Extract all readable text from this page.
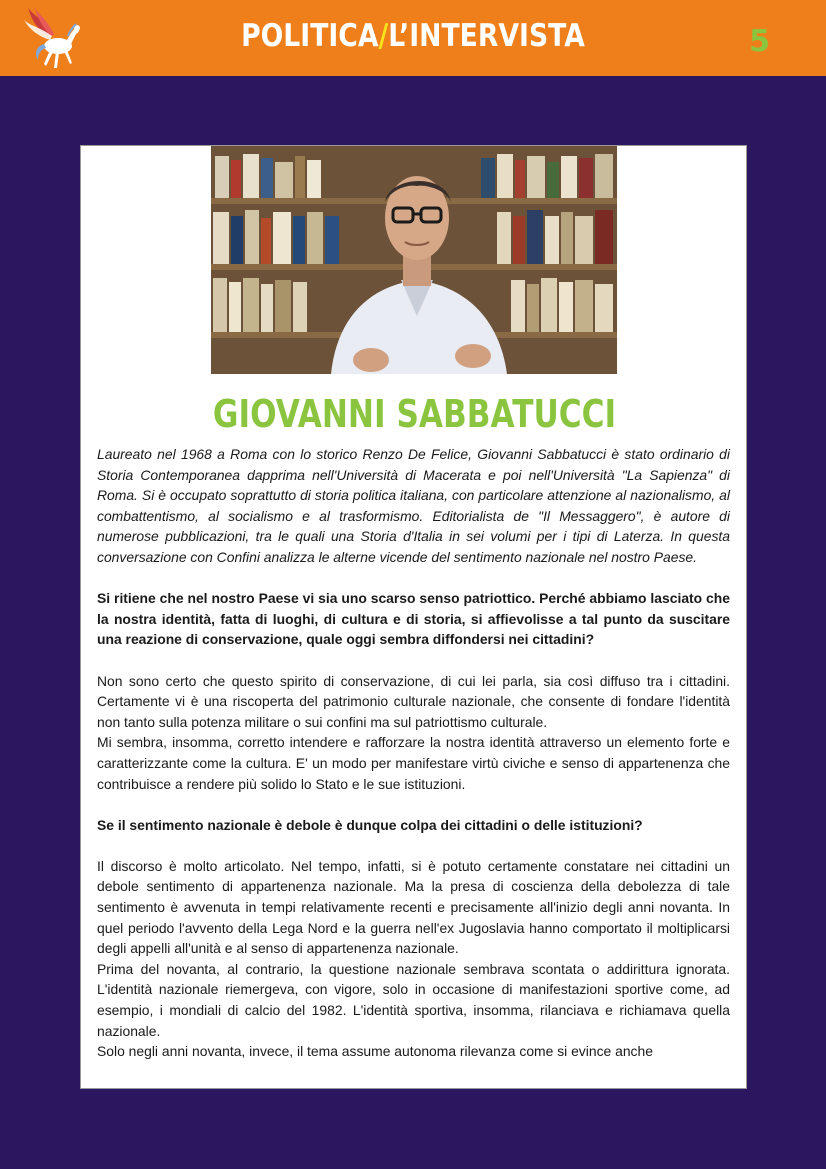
POLITICA/L’INTERVISTA	5
GIOVANNI SABBATUCCI

Laureato nel 1968 a Roma con lo storico Renzo De Felice, Giovanni Sabbatucci è stato ordinario di Storia Contemporanea dapprima nell'Università di Macerata e poi nell'Università "La Sapienza" di Roma. Si è occupato soprattutto di storia politica italiana, con particolare attenzione al nazionalismo, al combattentismo, al socialismo e al trasformismo. Editorialista de "Il Messaggero", è autore di numerose pubblicazioni, tra le quali una Storia d'Italia in sei volumi per i tipi di Laterza. In questa conversazione con Confini analizza le alterne vicende del sentimento nazionale nel nostro Paese.

Si ritiene che nel nostro Paese vi sia uno scarso senso patriottico. Perché abbiamo lasciato che la nostra identità, fatta di luoghi, di cultura e di storia, si affievolisse a tal punto da suscitare una reazione di conservazione, quale oggi sembra diffondersi nei cittadini?

Non sono certo che questo spirito di conservazione, di cui lei parla, sia così diffuso tra i cittadini. Certamente vi è una riscoperta del patrimonio culturale nazionale, che consente di fondare l'identità non tanto sulla potenza militare o sui confini ma sul patriottismo culturale.

Mi sembra, insomma, corretto intendere e rafforzare la nostra identità attraverso un elemento forte e caratterizzante come la cultura. E' un modo per manifestare virtù civiche e senso di appartenenza che contribuisce a rendere più solido lo Stato e le sue istituzioni.

Se il sentimento nazionale è debole è dunque colpa dei cittadini o delle istituzioni?

Il discorso è molto articolato. Nel tempo, infatti, si è potuto certamente constatare nei cittadini un debole sentimento di appartenenza nazionale. Ma la presa di coscienza della debolezza di tale sentimento è avvenuta in tempi relativamente recenti e precisamente all'inizio degli anni novanta. In quel periodo l'avvento della Lega Nord e la guerra nell'ex Jugoslavia hanno comportato il moltiplicarsi degli appelli all'unità e al senso di appartenenza nazionale.

Prima del novanta, al contrario, la questione nazionale sembrava scontata o addirittura ignorata. L'identità nazionale riemergeva, con vigore, solo in occasione di manifestazioni sportive come, ad esempio, i mondiali di calcio del 1982. L'identità sportiva, insomma, rilanciava e richiamava quella nazionale.

Solo negli anni novanta, invece, il tema assume autonoma rilevanza come si evince anche
